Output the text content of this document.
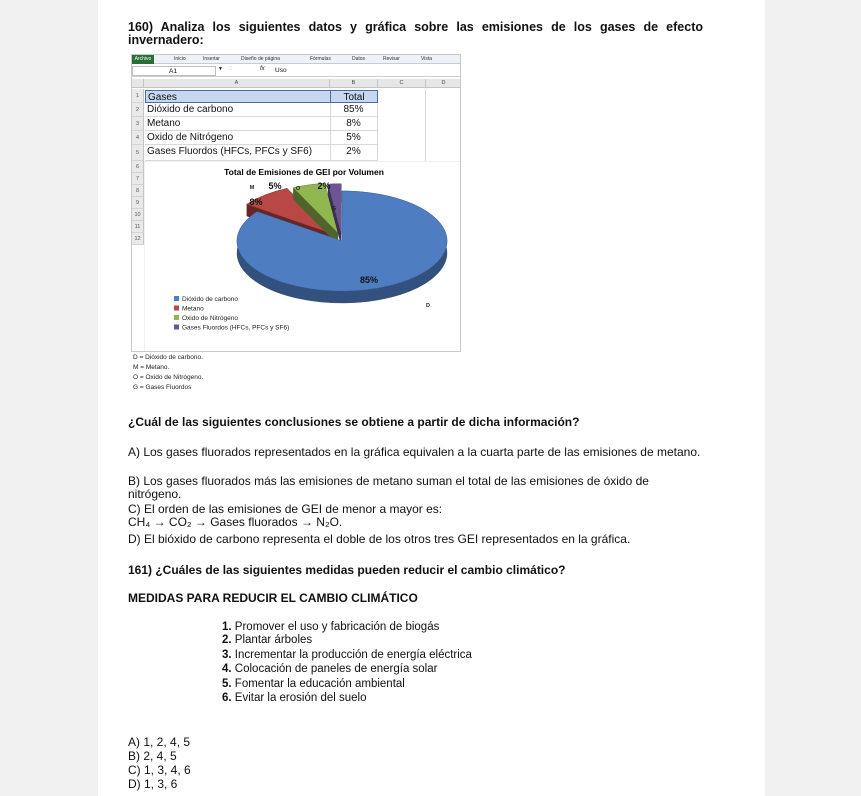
160) Analiza los siguientes datos y gráfica sobre las emisiones de los gases de efecto invernadero:
Archivo	Inicio	Insertar	Diseño de página	Fórmulas	Datos	Revisar	Vista
A1	▼ ◌	fx Uso
A	B	C	D
1
2
3
4
5
6
7
8
9
10
11
12
Gases	Total
Dióxido de carbono	85%
Metano	8%
Oxido de Nitrógeno	5%
Gases Fluordos (HFCs, PFCs y SF6)	2%
Total de Emisiones de GEI por Volumen
85%
D
8%
M 5%	O 2%
G
Dióxido de carbono
Metano
Oxido de Nitrógeno
Gases Fluordos (HFCs, PFCs y SF6)
D = Dióxido de carbono.
M = Metano.
O = Oxido de Nitrógeno.
G = Gases Fluordos
¿Cuál de las siguientes conclusiones se obtiene a partir de dicha información?
A) Los gases fluorados representados en la gráfica equivalen a la cuarta parte de las emisiones de metano.
B) Los gases fluorados más las emisiones de metano suman el total de las emisiones de óxido de nitrógeno.
C) El orden de las emisiones de GEI de menor a mayor es:
CH₄ → CO₂ → Gases fluorados → N₂O.
D) El bióxido de carbono representa el doble de los otros tres GEI representados en la gráfica.
161) ¿Cuáles de las siguientes medidas pueden reducir el cambio climático?
MEDIDAS PARA REDUCIR EL CAMBIO CLIMÁTICO
1. Promover el uso y fabricación de biogás
2. Plantar árboles
3. Incrementar la producción de energía eléctrica
4. Colocación de paneles de energía solar
5. Fomentar la educación ambiental
6. Evitar la erosión del suelo
A) 1, 2, 4, 5
B) 2, 4, 5
C) 1, 3, 4, 6
D) 1, 3, 6
